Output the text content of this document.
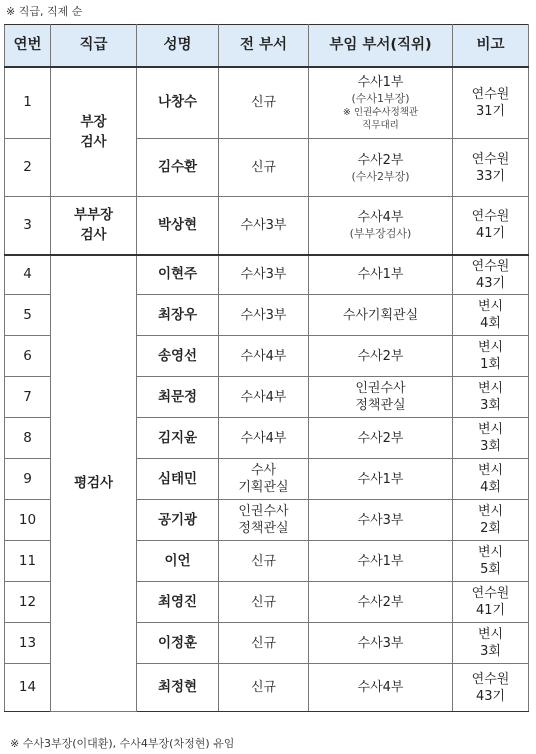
※ 직급, 직제 순
연번	직급	성명	전 부서	부임 부서(직위)	비고
1	부장
검사	나창수	신규	수사1부
(수사1부장)
※ 인권수사정책관
직무대리	연수원
31기

2		김수환	신규	수사2부
(수사2부장)	연수원
33기

3	부부장
검사	박상현	수사3부	수사4부
(부부장검사)	연수원
41기

4	평검사	이현주	수사3부	수사1부	연수원
43기

5		최장우	수사3부	수사기획관실	변시
4회

6		송영선	수사4부	수사2부	변시
1회

7		최문정	수사4부	인권수사
정책관실	변시
3회

8		김지윤	수사4부	수사2부	변시
3회

9		심태민	수사
기획관실	수사1부	변시
4회

10		공기광	인권수사
정책관실	수사3부	변시
2회

11		이언	신규	수사1부	변시
5회

12		최영진	신규	수사2부	연수원
41기

13		이정훈	신규	수사3부	변시
3회

14		최정현	신규	수사4부	연수원
43기
※ 수사3부장(이대환), 수사4부장(차정현) 유임
